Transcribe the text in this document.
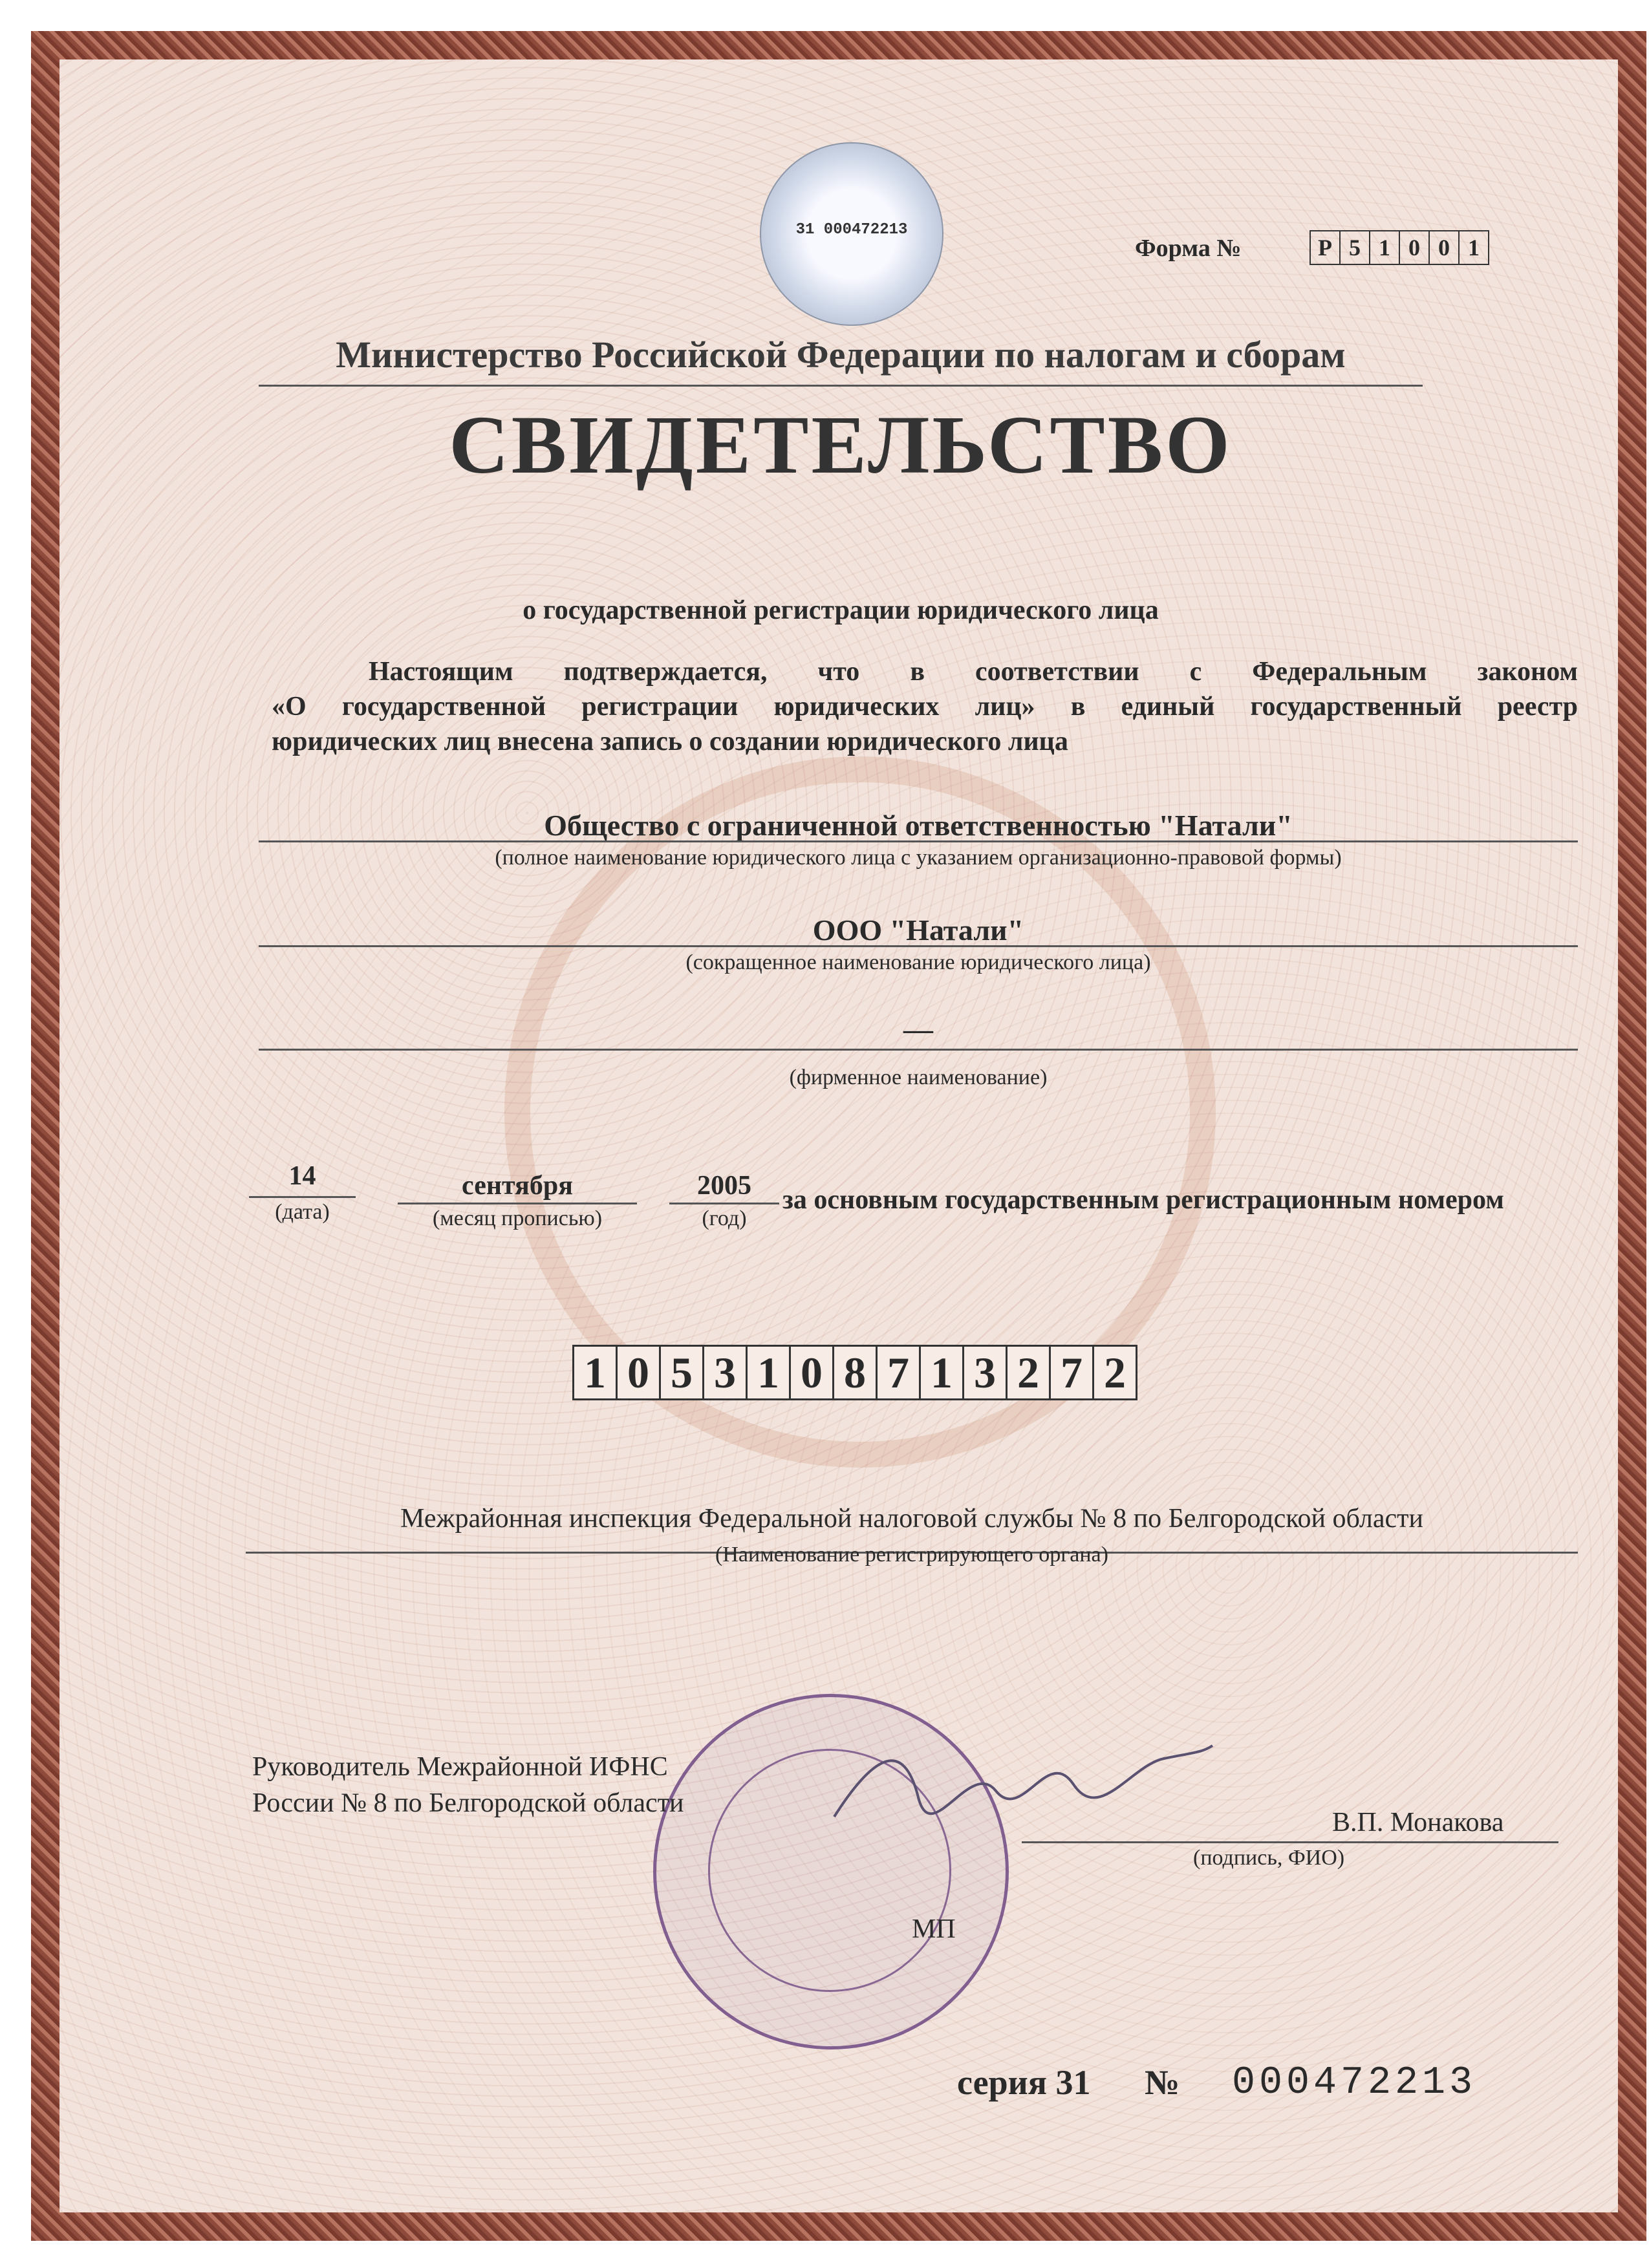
31 000472213
Форма №	Р 5 1 0 0 1
Министерство Российской Федерации по налогам и сборам
СВИДЕТЕЛЬСТВО
о государственной регистрации юридического лица
Настоящим подтверждается, что в соответствии с Федеральным законом
«О государственной регистрации юридических лиц» в единый государственный реестр
юридических лиц внесена запись о создании юридического лица
Общество с ограниченной ответственностью "Натали"
(полное наименование юридического лица с указанием организационно-правовой формы)
ООО "Натали"
(сокращенное наименование юридического лица)
—
(фирменное наименование)
14
(дата)
сентября
(месяц прописью)
2005
(год)
за основным государственным регистрационным номером
1 0 5 3 1 0 8 7 1 3 2 7 2
Межрайонная инспекция Федеральной налоговой службы № 8 по Белгородской области
(Наименование регистрирующего органа)
Руководитель Межрайонной ИФНС
России № 8 по Белгородской области
В.П. Монакова
(подпись, ФИО)
МП
серия 31 № 000472213
